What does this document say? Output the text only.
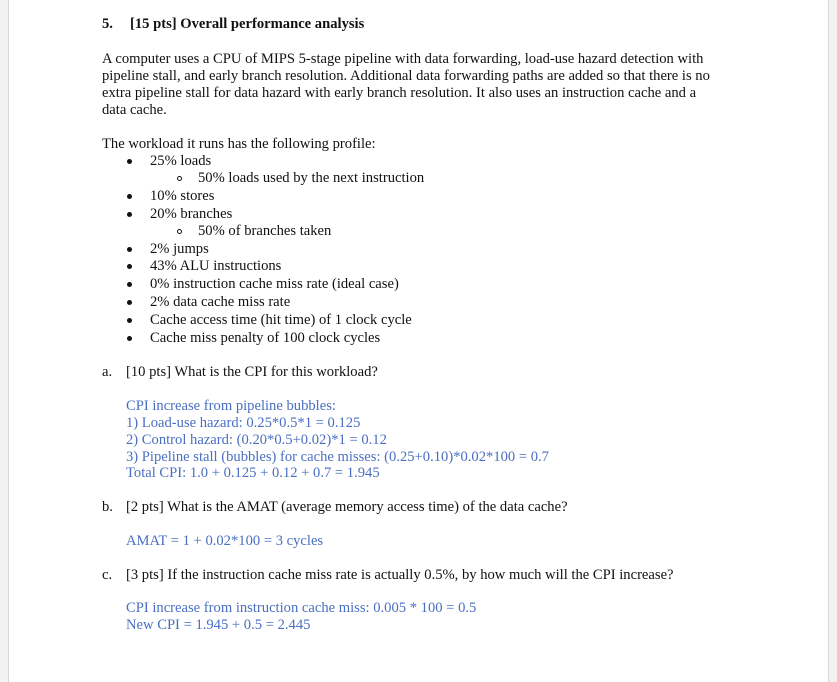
5. [15 pts] Overall performance analysis
A computer uses a CPU of MIPS 5-stage pipeline with data forwarding, load-use hazard detection with
pipeline stall, and early branch resolution. Additional data forwarding paths are added so that there is no
extra pipeline stall for data hazard with early branch resolution. It also uses an instruction cache and a
data cache.
The workload it runs has the following profile:
25% loads
50% loads used by the next instruction
10% stores
20% branches
50% of branches taken
2% jumps
43% ALU instructions
0% instruction cache miss rate (ideal case)
2% data cache miss rate
Cache access time (hit time) of 1 clock cycle
Cache miss penalty of 100 clock cycles
a. [10 pts] What is the CPI for this workload?
CPI increase from pipeline bubbles:
1) Load-use hazard: 0.25*0.5*1 = 0.125
2) Control hazard: (0.20*0.5+0.02)*1 = 0.12
3) Pipeline stall (bubbles) for cache misses: (0.25+0.10)*0.02*100 = 0.7
Total CPI: 1.0 + 0.125 + 0.12 + 0.7 = 1.945
b. [2 pts] What is the AMAT (average memory access time) of the data cache?
AMAT = 1 + 0.02*100 = 3 cycles
c. [3 pts] If the instruction cache miss rate is actually 0.5%, by how much will the CPI increase?
CPI increase from instruction cache miss: 0.005 * 100 = 0.5
New CPI = 1.945 + 0.5 = 2.445
